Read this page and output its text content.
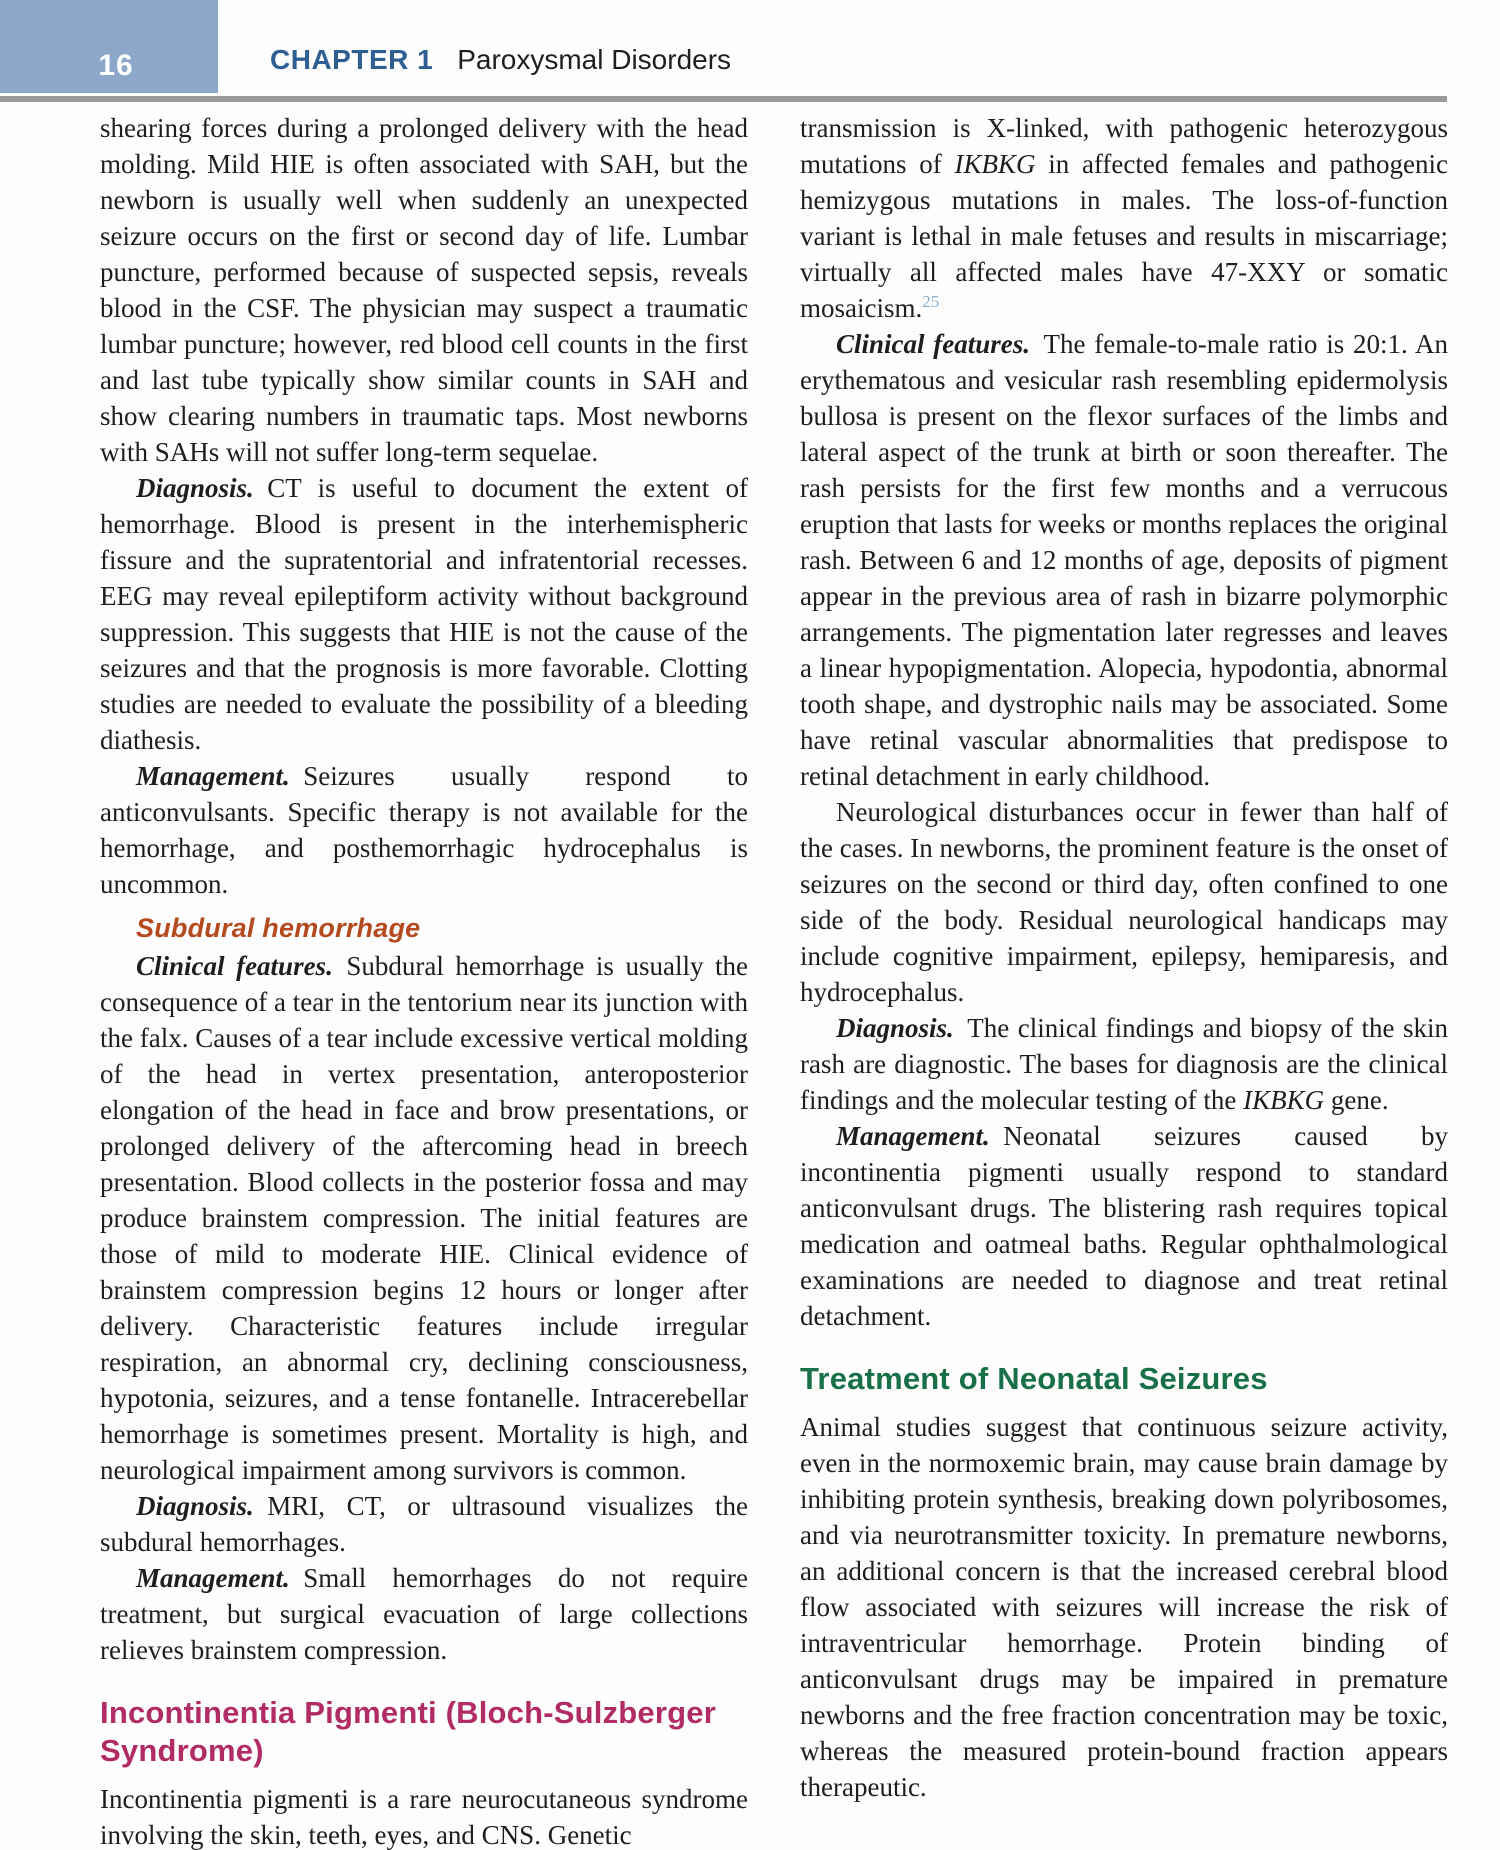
16	CHAPTER 1 Paroxysmal Disorders

shearing forces during a prolonged delivery with the head molding. Mild HIE is often associated with SAH, but the newborn is usually well when suddenly an unexpected seizure occurs on the first or second day of life. Lumbar puncture, performed because of suspected sepsis, reveals blood in the CSF. The physician may suspect a traumatic lumbar puncture; however, red blood cell counts in the first and last tube typically show similar counts in SAH and show clearing numbers in traumatic taps. Most newborns with SAHs will not suffer long-term sequelae.

Diagnosis. CT is useful to document the extent of hemorrhage. Blood is present in the interhemispheric fissure and the supratentorial and infratentorial recesses. EEG may reveal epileptiform activity without background suppression. This suggests that HIE is not the cause of the seizures and that the prognosis is more favorable. Clotting studies are needed to evaluate the possibility of a bleeding diathesis.

Management. Seizures usually respond to anticonvulsants. Specific therapy is not available for the hemorrhage, and posthemorrhagic hydrocephalus is uncommon.

Subdural hemorrhage

Clinical features. Subdural hemorrhage is usually the consequence of a tear in the tentorium near its junction with the falx. Causes of a tear include excessive vertical molding of the head in vertex presentation, anteroposterior elongation of the head in face and brow presentations, or prolonged delivery of the aftercoming head in breech presentation. Blood collects in the posterior fossa and may produce brainstem compression. The initial features are those of mild to moderate HIE. Clinical evidence of brainstem compression begins 12 hours or longer after delivery. Characteristic features include irregular respiration, an abnormal cry, declining consciousness, hypotonia, seizures, and a tense fontanelle. Intracerebellar hemorrhage is sometimes present. Mortality is high, and neurological impairment among survivors is common.

Diagnosis. MRI, CT, or ultrasound visualizes the subdural hemorrhages.

Management. Small hemorrhages do not require treatment, but surgical evacuation of large collections relieves brainstem compression.

Incontinentia Pigmenti (Bloch-Sulzberger Syndrome)

Incontinentia pigmenti is a rare neurocutaneous syndrome involving the skin, teeth, eyes, and CNS. Genetic

transmission is X-linked, with pathogenic heterozygous mutations of IKBKG in affected females and pathogenic hemizygous mutations in males. The loss-of-function variant is lethal in male fetuses and results in miscarriage; virtually all affected males have 47-XXY or somatic mosaicism.$^{25}$

Clinical features. The female-to-male ratio is 20:1. An erythematous and vesicular rash resembling epidermolysis bullosa is present on the flexor surfaces of the limbs and lateral aspect of the trunk at birth or soon thereafter. The rash persists for the first few months and a verrucous eruption that lasts for weeks or months replaces the original rash. Between 6 and 12 months of age, deposits of pigment appear in the previous area of rash in bizarre polymorphic arrangements. The pigmentation later regresses and leaves a linear hypopigmentation. Alopecia, hypodontia, abnormal tooth shape, and dystrophic nails may be associated. Some have retinal vascular abnormalities that predispose to retinal detachment in early childhood.

Neurological disturbances occur in fewer than half of the cases. In newborns, the prominent feature is the onset of seizures on the second or third day, often confined to one side of the body. Residual neurological handicaps may include cognitive impairment, epilepsy, hemiparesis, and hydrocephalus.

Diagnosis. The clinical findings and biopsy of the skin rash are diagnostic. The bases for diagnosis are the clinical findings and the molecular testing of the IKBKG gene.

Management. Neonatal seizures caused by incontinentia pigmenti usually respond to standard anticonvulsant drugs. The blistering rash requires topical medication and oatmeal baths. Regular ophthalmological examinations are needed to diagnose and treat retinal detachment.

Treatment of Neonatal Seizures

Animal studies suggest that continuous seizure activity, even in the normoxemic brain, may cause brain damage by inhibiting protein synthesis, breaking down polyribosomes, and via neurotransmitter toxicity. In premature newborns, an additional concern is that the increased cerebral blood flow associated with seizures will increase the risk of intraventricular hemorrhage. Protein binding of anticonvulsant drugs may be impaired in premature newborns and the free fraction concentration may be toxic, whereas the measured protein-bound fraction appears therapeutic.
